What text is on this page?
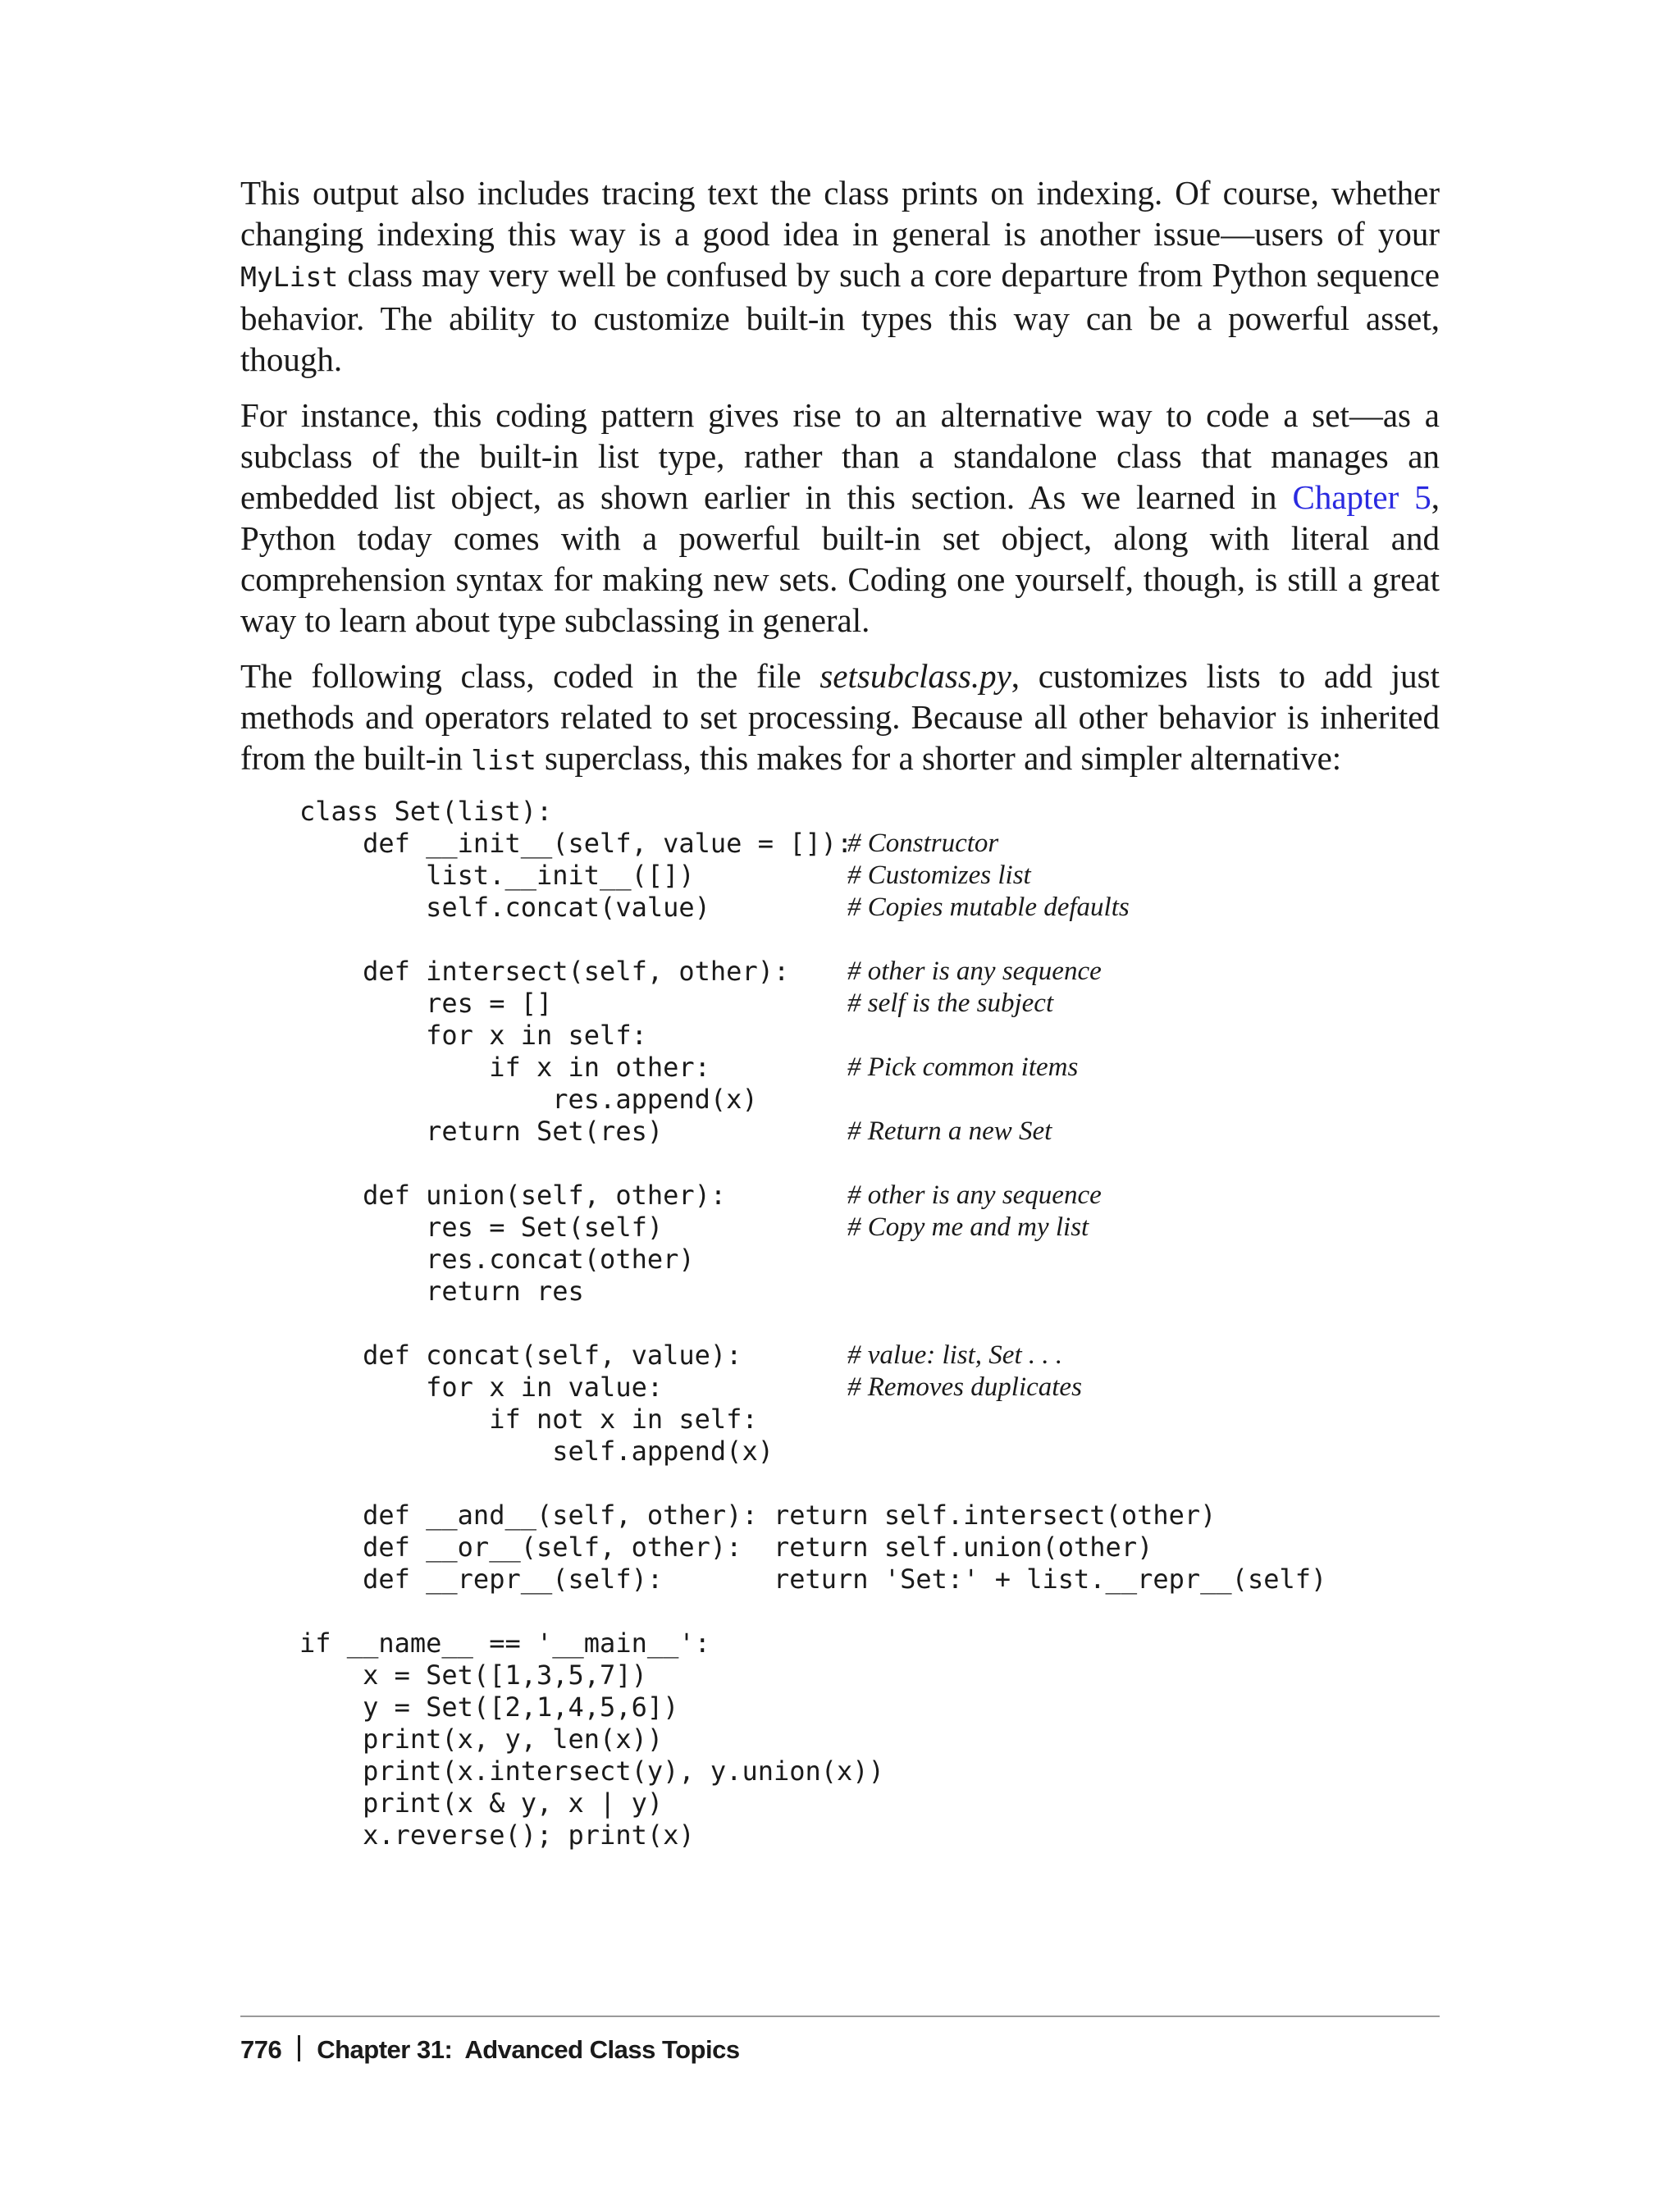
This output also includes tracing text the class prints on indexing. Of course, whether changing indexing this way is a good idea in general is another issue—users of your MyList class may very well be confused by such a core departure from Python sequence behavior. The ability to customize built-in types this way can be a powerful asset, though.

For instance, this coding pattern gives rise to an alternative way to code a set—as a subclass of the built-in list type, rather than a standalone class that manages an embedded list object, as shown earlier in this section. As we learned in Chapter 5, Python today comes with a powerful built-in set object, along with literal and comprehension syntax for making new sets. Coding one yourself, though, is still a great way to learn about type subclassing in general.

The following class, coded in the file setsubclass.py, customizes lists to add just methods and operators related to set processing. Because all other behavior is inherited from the built-in list superclass, this makes for a shorter and simpler alternative:

class Set(list):
def __init__(self, value = []):
# Constructor
list.__init__([])	# Customizes list
self.concat(value)	# Copies mutable defaults
def intersect(self, other): # other is any sequence
res = []	# self is the subject
for x in self:
if x in other:	# Pick common items
res.append(x)
return Set(res)	# Return a new Set
def union(self, other):	# other is any sequence
res = Set(self)	# Copy me and my list
res.concat(other)
return res
def concat(self, value):	# value: list, Set . . .
for x in value:	# Removes duplicates
if not x in self:
self.append(x)
def __and__(self, other): return self.intersect(other)
def __or__(self, other):  return self.union(other)
def __repr__(self):       return 'Set:' + list.__repr__(self)
if __name__ == '__main__':
x = Set([1,3,5,7])
y = Set([2,1,4,5,6])
print(x, y, len(x))
print(x.intersect(y), y.union(x))
print(x & y, x | y)
x.reverse(); print(x)
776 Chapter 31:  Advanced Class Topics
